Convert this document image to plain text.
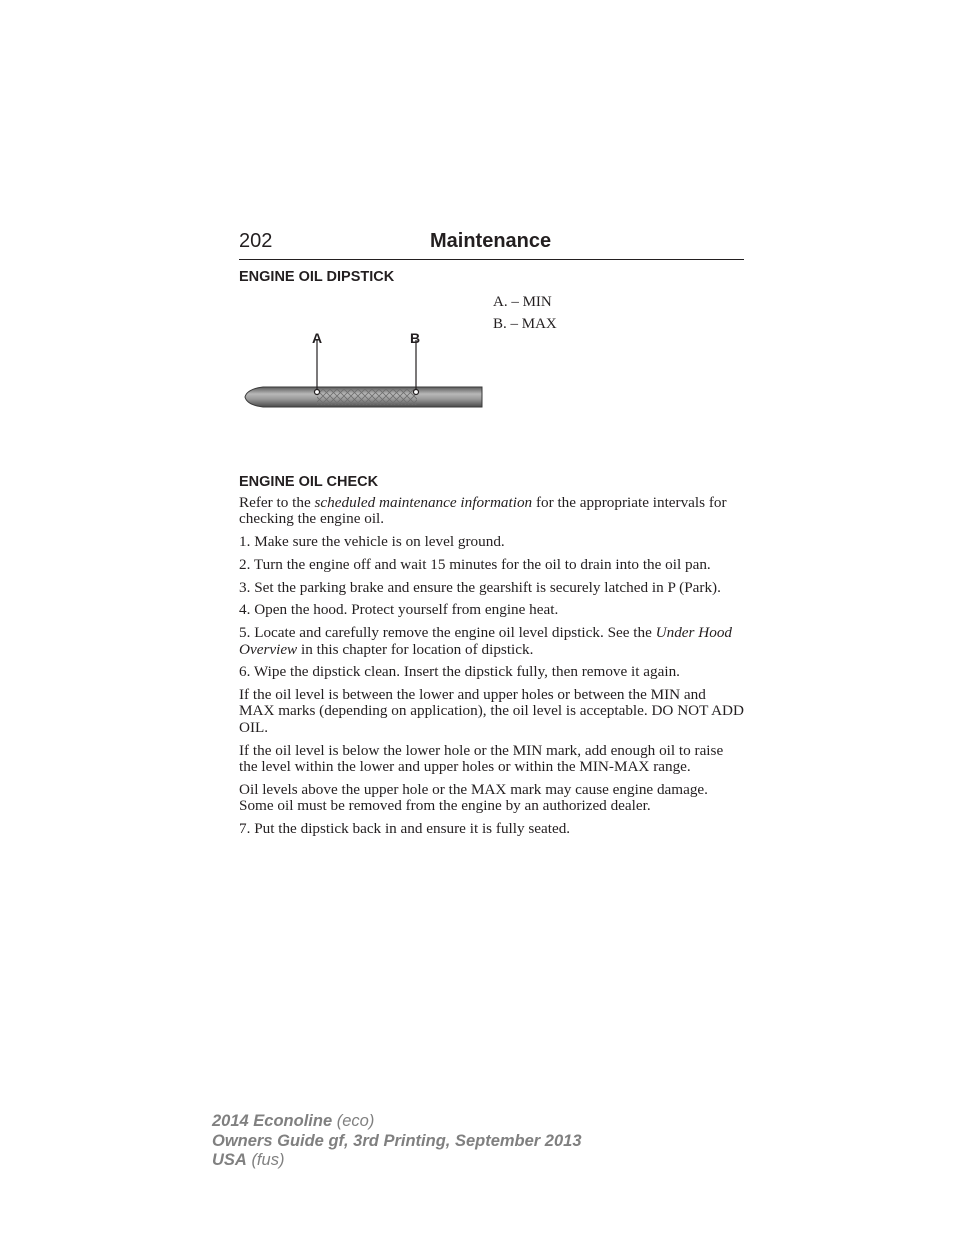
202	Maintenance
ENGINE OIL DIPSTICK
A. – MIN
B. – MAX
A	B
ENGINE OIL CHECK

Refer to the scheduled maintenance information for the appropriate intervals for checking the engine oil.

1. Make sure the vehicle is on level ground.

2. Turn the engine off and wait 15 minutes for the oil to drain into the oil pan.

3. Set the parking brake and ensure the gearshift is securely latched in P (Park).

4. Open the hood. Protect yourself from engine heat.

5. Locate and carefully remove the engine oil level dipstick. See the Under Hood Overview in this chapter for location of dipstick.

6. Wipe the dipstick clean. Insert the dipstick fully, then remove it again.

If the oil level is between the lower and upper holes or between the MIN and MAX marks (depending on application), the oil level is acceptable. DO NOT ADD OIL.

If the oil level is below the lower hole or the MIN mark, add enough oil to raise the level within the lower and upper holes or within the MIN-MAX range.

Oil levels above the upper hole or the MAX mark may cause engine damage. Some oil must be removed from the engine by an authorized dealer.

7. Put the dipstick back in and ensure it is fully seated.

2014 Econoline (eco)
Owners Guide gf, 3rd Printing, September 2013
USA (fus)
